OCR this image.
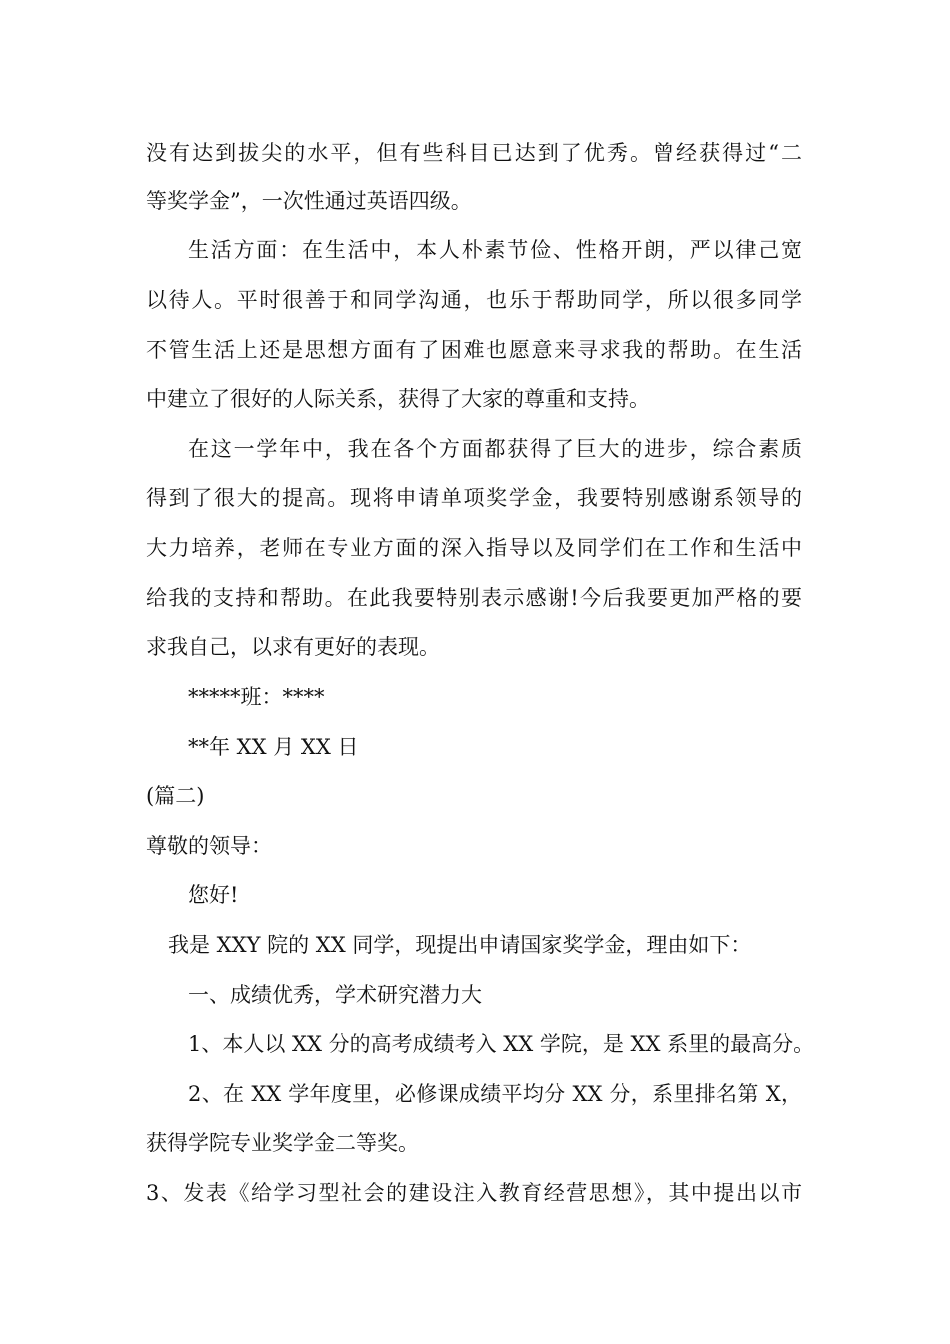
没有达到拔尖的水平，但有些科目已达到了优秀。曾经获得过“二
等奖学金”，一次性通过英语四级。
生活方面：在生活中，本人朴素节俭、性格开朗，严以律己宽
以待人。平时很善于和同学沟通，也乐于帮助同学，所以很多同学
不管生活上还是思想方面有了困难也愿意来寻求我的帮助。在生活
中建立了很好的人际关系，获得了大家的尊重和支持。
在这一学年中，我在各个方面都获得了巨大的进步，综合素质
得到了很大的提高。现将申请单项奖学金，我要特别感谢系领导的
大力培养，老师在专业方面的深入指导以及同学们在工作和生活中
给我的支持和帮助。在此我要特别表示感谢!今后我要更加严格的要
求我自己，以求有更好的表现。
*****班：****
**年 XX 月 XX 日
(篇二)
尊敬的领导：
您好!
我是 XXY 院的 XX 同学，现提出申请国家奖学金，理由如下：
一、成绩优秀，学术研究潜力大
1、本人以 XX 分的高考成绩考入 XX 学院，是 XX 系里的最高分。
2、在 XX 学年度里，必修课成绩平均分 XX 分，系里排名第 X，
获得学院专业奖学金二等奖。
3、发表《给学习型社会的建设注入教育经营思想》，其中提出以市
